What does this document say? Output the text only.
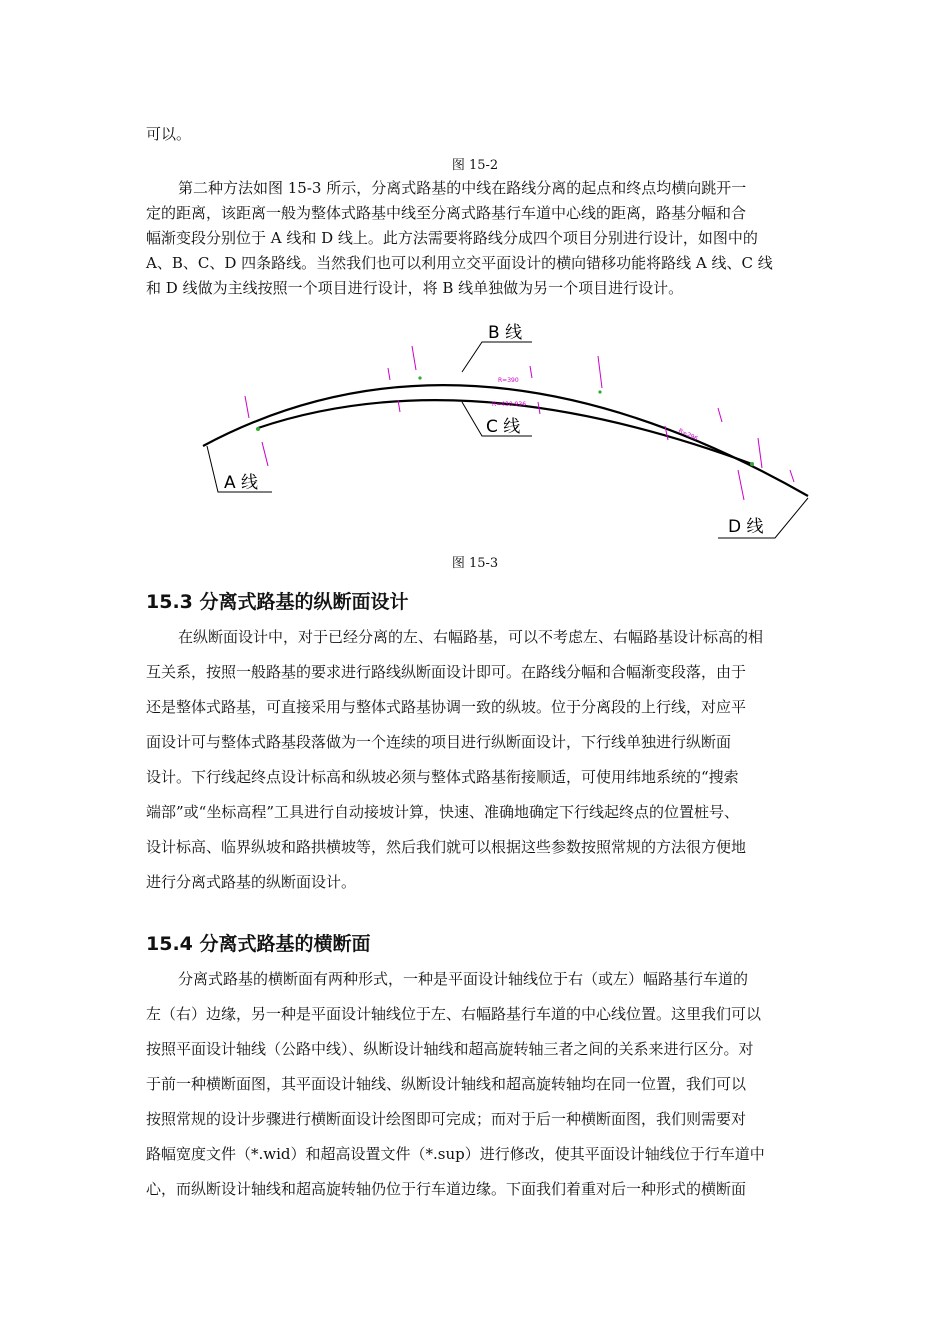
可以。
图 15-2
第二种方法如图 15-3 所示，分离式路基的中线在路线分离的起点和终点均横向跳开一
定的距离，该距离一般为整体式路基中线至分离式路基行车道中心线的距离，路基分幅和合
幅渐变段分别位于 A 线和 D 线上。此方法需要将路线分成四个项目分别进行设计，如图中的
A、B、C、D 四条路线。当然我们也可以利用立交平面设计的横向错移功能将路线 A 线、C 线
和 D 线做为主线按照一个项目进行设计，将 B 线单独做为另一个项目进行设计。
A 线
B 线
C 线
D 线
R=390
R=430.936
R=296
图 15-3
15.3 分离式路基的纵断面设计
在纵断面设计中，对于已经分离的左、右幅路基，可以不考虑左、右幅路基设计标高的相
互关系，按照一般路基的要求进行路线纵断面设计即可。在路线分幅和合幅渐变段落，由于
还是整体式路基，可直接采用与整体式路基协调一致的纵坡。位于分离段的上行线，对应平
面设计可与整体式路基段落做为一个连续的项目进行纵断面设计，下行线单独进行纵断面
设计。下行线起终点设计标高和纵坡必须与整体式路基衔接顺适，可使用纬地系统的“搜索
端部”或“坐标高程”工具进行自动接坡计算，快速、准确地确定下行线起终点的位置桩号、
设计标高、临界纵坡和路拱横坡等，然后我们就可以根据这些参数按照常规的方法很方便地
进行分离式路基的纵断面设计。
15.4 分离式路基的横断面
分离式路基的横断面有两种形式，一种是平面设计轴线位于右（或左）幅路基行车道的
左（右）边缘，另一种是平面设计轴线位于左、右幅路基行车道的中心线位置。这里我们可以
按照平面设计轴线（公路中线）、纵断设计轴线和超高旋转轴三者之间的关系来进行区分。对
于前一种横断面图，其平面设计轴线、纵断设计轴线和超高旋转轴均在同一位置，我们可以
按照常规的设计步骤进行横断面设计绘图即可完成；而对于后一种横断面图，我们则需要对
路幅宽度文件（*.wid）和超高设置文件（*.sup）进行修改，使其平面设计轴线位于行车道中
心，而纵断设计轴线和超高旋转轴仍位于行车道边缘。下面我们着重对后一种形式的横断面
